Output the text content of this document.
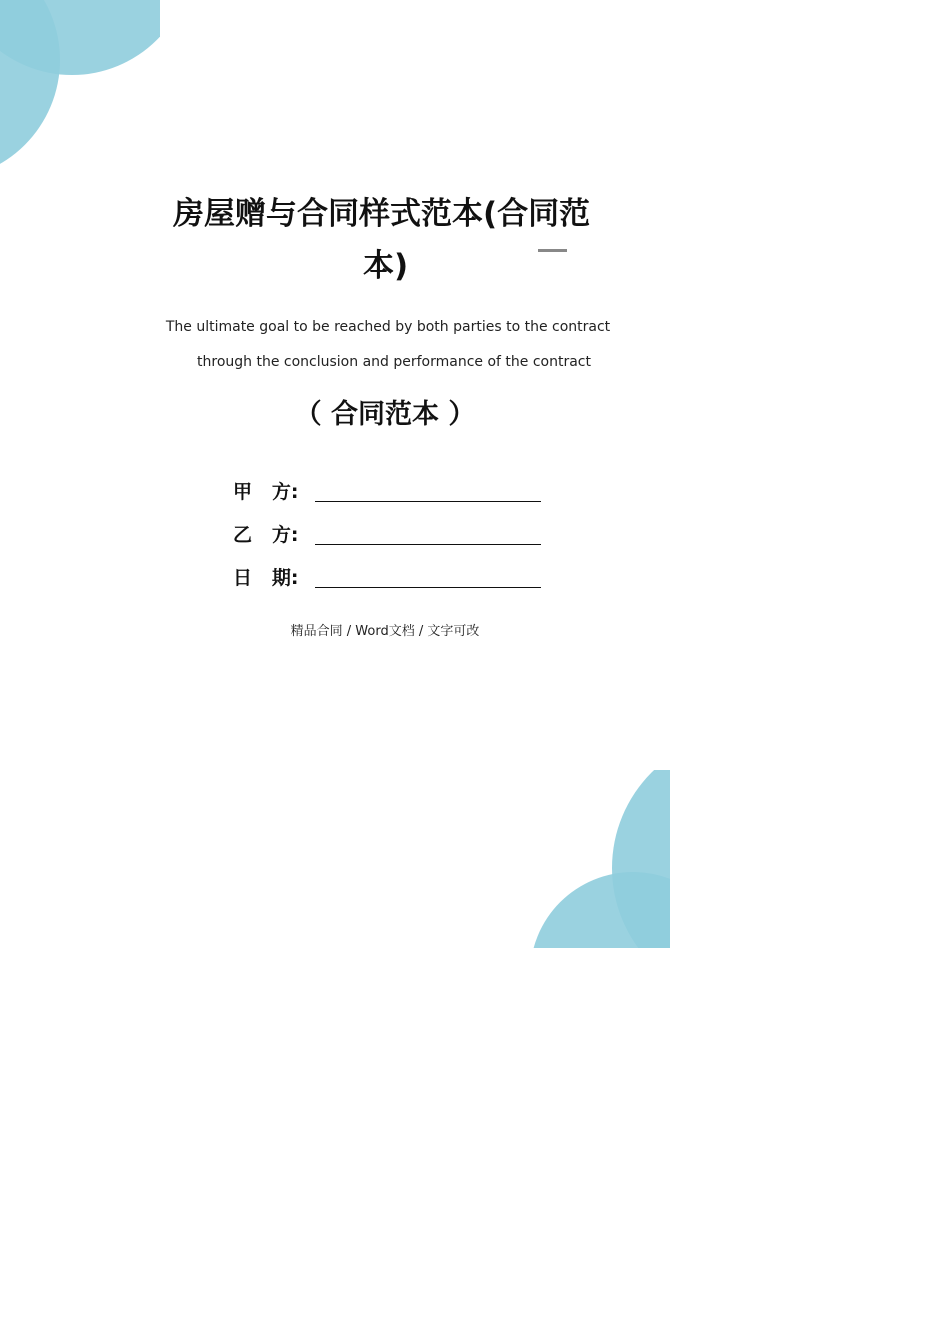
房屋赠与合同样式范本(合同范
本)
The ultimate goal to be reached by both parties to the contract
through the conclusion and performance of the contract
（ 合同范本 ）
甲   方:
乙   方:
日   期:
精品合同 / Word文档 / 文字可改
